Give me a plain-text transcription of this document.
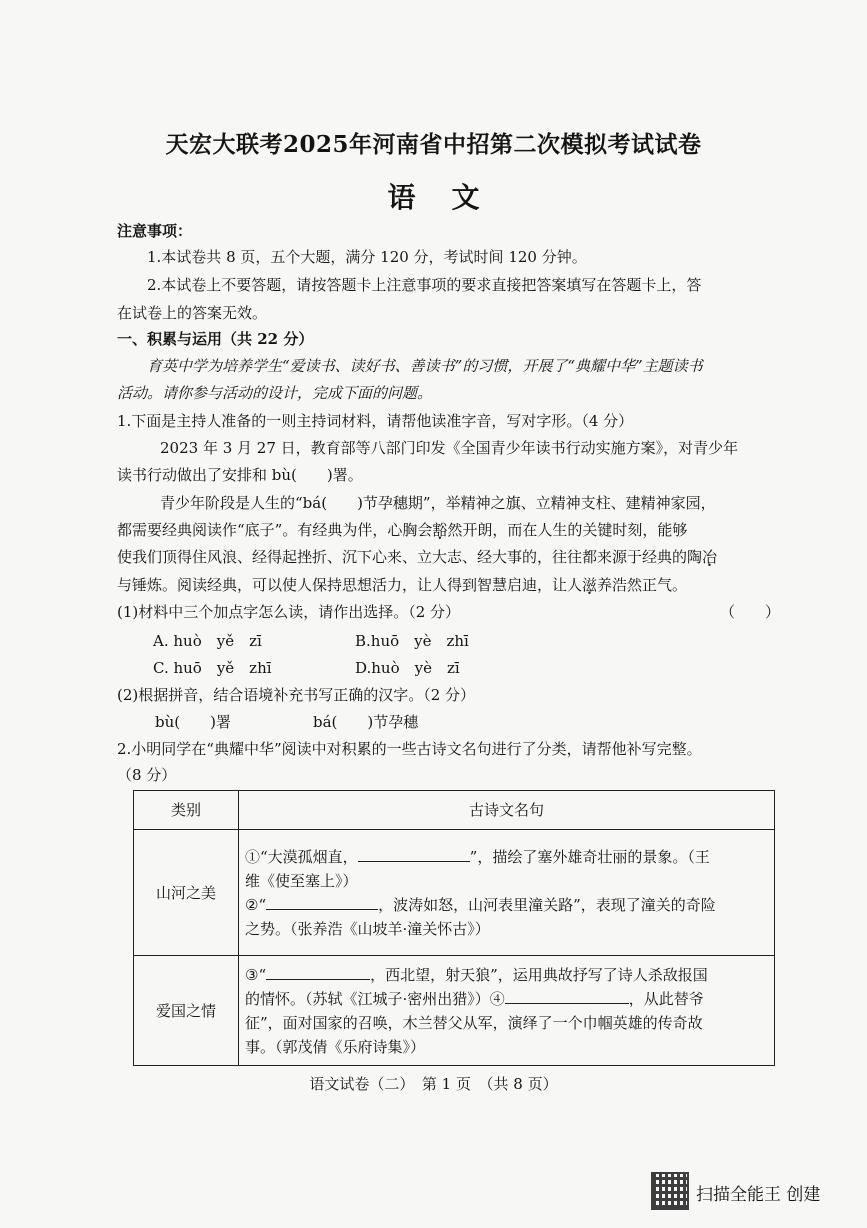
天宏大联考2025年河南省中招第二次模拟考试试卷
语文
注意事项：
1.本试卷共 8 页，五个大题，满分 120 分，考试时间 120 分钟。
2.本试卷上不要答题，请按答题卡上注意事项的要求直接把答案填写在答题卡上，答
在试卷上的答案无效。
一、积累与运用（共 22 分）
育英中学为培养学生“爱读书、读好书、善读书”的习惯，开展了“典耀中华”主题读书
活动。请你参与活动的设计，完成下面的问题。
1.下面是主持人准备的一则主持词材料，请帮他读准字音，写对字形。（4 分）
2023 年 3 月 27 日，教育部等八部门印发《全国青少年读书行动实施方案》，对青少年
读书行动做出了安排和 bù(　　)署。
青少年阶段是人生的“bá(　　)节孕穗期”，举精神之旗、立精神支柱、建精神家园，
都需要经典阅读作“底子”。有经典为伴，心胸会豁然开朗，而在人生的关键时刻，能够
使我们顶得住风浪、经得起挫折、沉下心来、立大志、经大事的，往往都来源于经典的陶冶
与锤炼。阅读经典，可以使人保持思想活力，让人得到智慧启迪，让人滋养浩然正气。
(1)材料中三个加点字怎么读，请作出选择。（2 分）	（　　）
A. huò　yě　zī	B.huō　yè　zhī
C. huō　yě　zhī	D.huò　yè　zī
(2)根据拼音，结合语境补充书写正确的汉字。（2 分）
bù(　　)署	bá(　　)节孕穗
2.小明同学在“典耀中华”阅读中对积累的一些古诗文名句进行了分类，请帮他补写完整。
（8 分）
类别	古诗文名句
山河之美	①“大漠孤烟直， ”，描绘了塞外雄奇壮丽的景象。（王
维《使至塞上》）
②“ ，波涛如怒，山河表里潼关路”，表现了潼关的奇险
之势。（张养浩《山坡羊·潼关怀古》）

爱国之情	③“ ，西北望，射天狼”，运用典故抒写了诗人杀敌报国
的情怀。（苏轼《江城子·密州出猎》）④ ，从此替爷
征”，面对国家的召唤，木兰替父从军，演绎了一个巾帼英雄的传奇故
事。（郭茂倩《乐府诗集》）
语文试卷（二）　第 1 页　（共 8 页）
扫描全能王 创建
